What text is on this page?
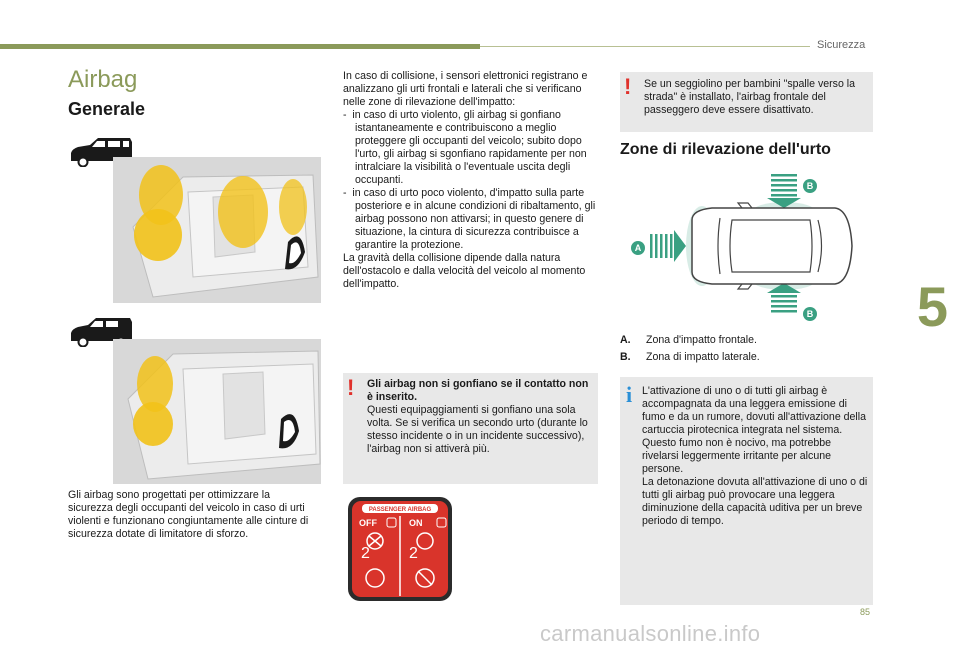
Sicurezza
Airbag
Generale
Gli airbag sono progettati per ottimizzare la sicurezza degli occupanti del veicolo in caso di urti violenti e funzionano congiuntamente alle cinture di sicurezza dotate di limitatore di sforzo.

In caso di collisione, i sensori elettronici registrano e analizzano gli urti frontali e laterali che si verificano nelle zone di rilevazione dell'impatto:

-  in caso di urto violento, gli airbag si gonfiano istantaneamente e contribuiscono a meglio proteggere gli occupanti del veicolo; subito dopo l'urto, gli airbag si sgonfiano rapidamente per non intralciare la visibilità o l'eventuale uscita degli occupanti.

-  in caso di urto poco violento, d'impatto sulla parte posteriore e in alcune condizioni di ribaltamento, gli airbag possono non attivarsi; in questo genere di situazione, la cintura di sicurezza contribuisce a garantire la protezione.

La gravità della collisione dipende dalla natura dell'ostacolo e dalla velocità del veicolo al momento dell'impatto.

! Gli airbag non si gonfiano se il contatto non è inserito.
Questi equipaggiamenti si gonfiano una sola volta. Se si verifica un secondo urto (durante lo stesso incidente o in un incidente successivo), l'airbag non si attiverà più.
PASSENGER AIRBAG
OFF	ON
2 2
! Se un seggiolino per bambini "spalle verso la strada" è installato, l'airbag frontale del passeggero deve essere disattivato.
Zone di rilevazione dell'urto
B
B
A
A. Zona d'impatto frontale.
B. Zona di impatto laterale.
i L'attivazione di uno o di tutti gli airbag è accompagnata da una leggera emissione di fumo e da un rumore, dovuti all'attivazione della cartuccia pirotecnica integrata nel sistema.
Questo fumo non è nocivo, ma potrebbe rivelarsi leggermente irritante per alcune persone.
La detonazione dovuta all'attivazione di uno o di tutti gli airbag può provocare una leggera diminuzione della capacità uditiva per un breve periodo di tempo.
5
85
carmanualsonline.info
